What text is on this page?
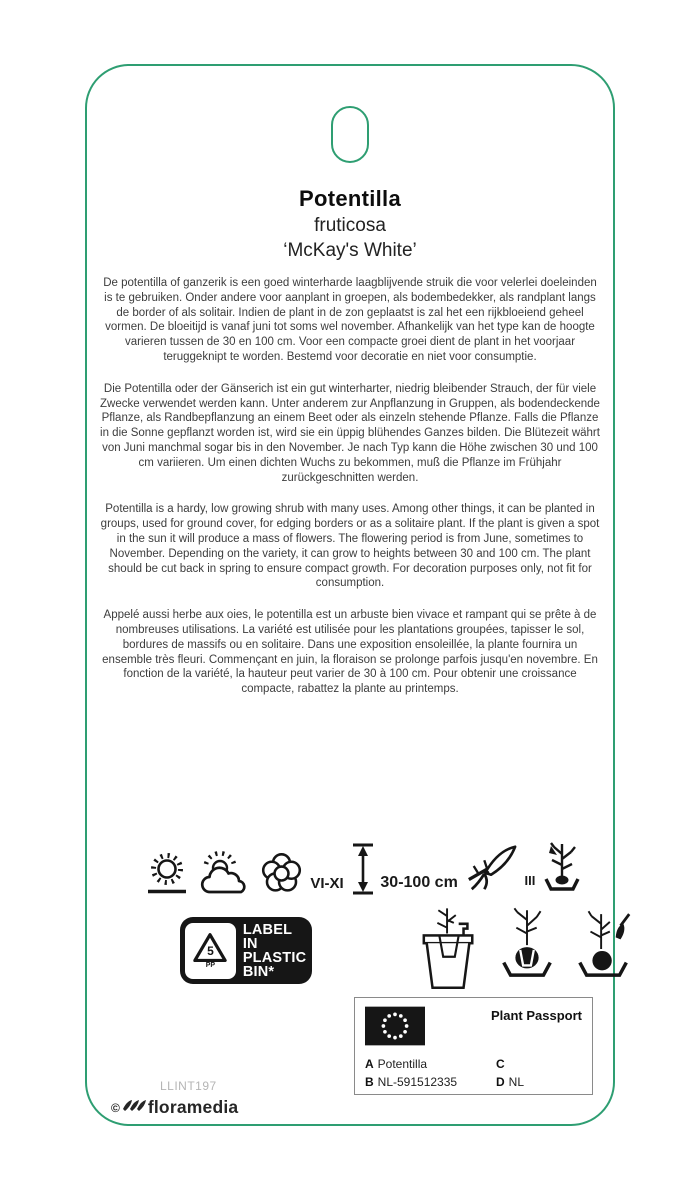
Potentilla
fruticosa
‘McKay's White’

De potentilla of ganzerik is een goed winterharde laagblijvende struik die voor velerlei doeleinden is te gebruiken. Onder andere voor aanplant in groepen, als bodembedekker, als randplant langs de border of als solitair. Indien de plant in de zon geplaatst is zal het een rijkbloeiend geheel vormen. De bloeitijd is vanaf juni tot soms wel november. Afhankelijk van het type kan de hoogte varieren tussen de 30 en 100 cm. Voor een compacte groei dient de plant in het voorjaar teruggeknipt te worden. Bestemd voor decoratie en niet voor consumptie.

Die Potentilla oder der Gänserich ist ein gut winterharter, niedrig bleibender Strauch, der für viele Zwecke verwendet werden kann. Unter anderem zur Anpflanzung in Gruppen, als bodendeckende Pflanze, als Randbepflanzung an einem Beet oder als einzeln stehende Pflanze. Falls die Pflanze in die Sonne gepflanzt worden ist, wird sie ein üppig blühendes Ganzes bilden. Die Blütezeit währt von Juni manchmal sogar bis in den November. Je nach Typ kann die Höhe zwischen 30 und 100 cm variieren. Um einen dichten Wuchs zu bekommen, muß die Pflanze im Frühjahr zurückgeschnitten werden.

Potentilla is a hardy, low growing shrub with many uses. Among other things, it can be planted in groups, used for ground cover, for edging borders or as a solitaire plant. If the plant is given a spot in the sun it will produce a mass of flowers. The flowering period is from June, sometimes to November. Depending on the variety, it can grow to heights between 30 and 100 cm. The plant should be cut back in spring to ensure compact growth. For decoration purposes only, not fit for consumption.

Appelé aussi herbe aux oies, le potentilla est un arbuste bien vivace et rampant qui se prête à de nombreuses utilisations. La variété est utilisée pour les plantations groupées, tapisser le sol, bordures de massifs ou en solitaire. Dans une exposition ensoleillée, la plante fournira un ensemble très fleuri. Commençant en juin, la floraison se prolonge parfois jusqu'en novembre. En fonction de la variété, la hauteur peut varier de 30 à 100 cm. Pour obtenir une croissance compacte, rabattez la plante au printemps.

VI-XI 30-100 cm	III
5
PP
LABEL IN
PLASTIC
BIN*
Plant Passport
A Potentilla	C
B NL-591512335	D NL
LLINT197
© floramedia
